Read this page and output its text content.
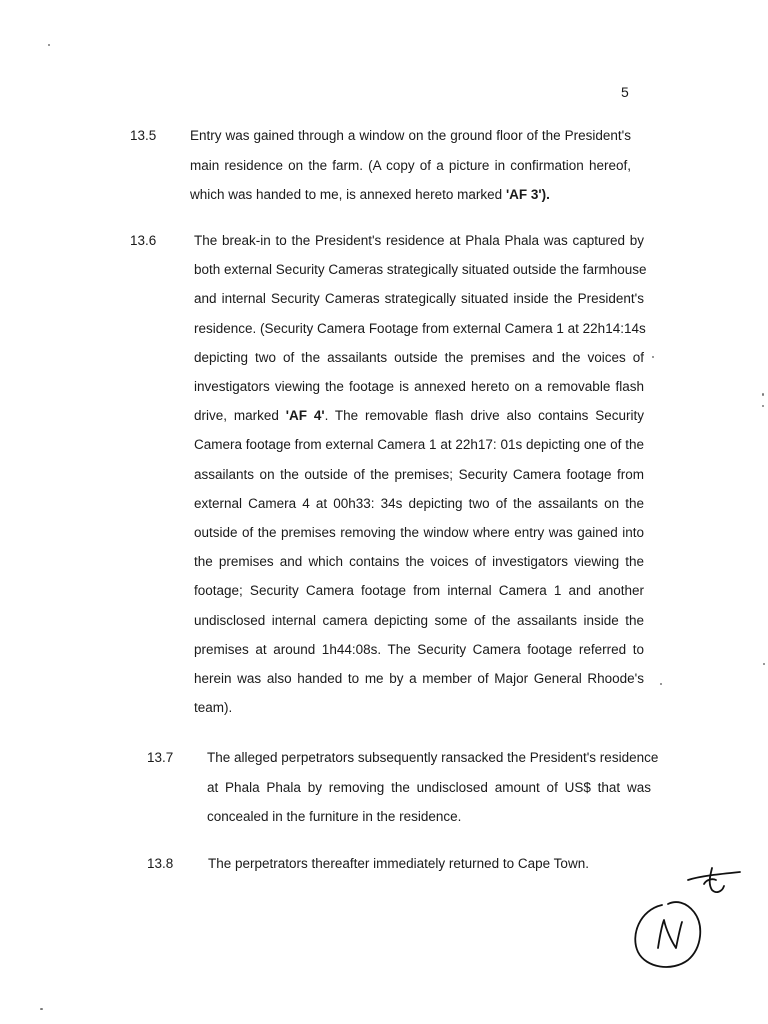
5
13.5 Entry was gained through a window on the ground floor of the President's
main residence on the farm. (A copy of a picture in confirmation hereof,
which was handed to me, is annexed hereto marked 'AF 3').
13.6	The break-in to the President's residence at Phala Phala was captured by
both external Security Cameras strategically situated outside the farmhouse
and internal Security Cameras strategically situated inside the President's
residence. (Security Camera Footage from external Camera 1 at 22h14:14s
depicting two of the assailants outside the premises and the voices of
investigators viewing the footage is annexed hereto on a removable flash
drive, marked 'AF 4'. The removable flash drive also contains Security
Camera footage from external Camera 1 at 22h17: 01s depicting one of the
assailants on the outside of the premises; Security Camera footage from
external Camera 4 at 00h33: 34s depicting two of the assailants on the
outside of the premises removing the window where entry was gained into
the premises and which contains the voices of investigators viewing the
footage; Security Camera footage from internal Camera 1 and another
undisclosed internal camera depicting some of the assailants inside the
premises at around 1h44:08s. The Security Camera footage referred to
herein was also handed to me by a member of Major General Rhoode's
team).
13.7 The alleged perpetrators subsequently ransacked the President's residence
at Phala Phala by removing the undisclosed amount of US$ that was
concealed in the furniture in the residence.
13.8	The perpetrators thereafter immediately returned to Cape Town.
